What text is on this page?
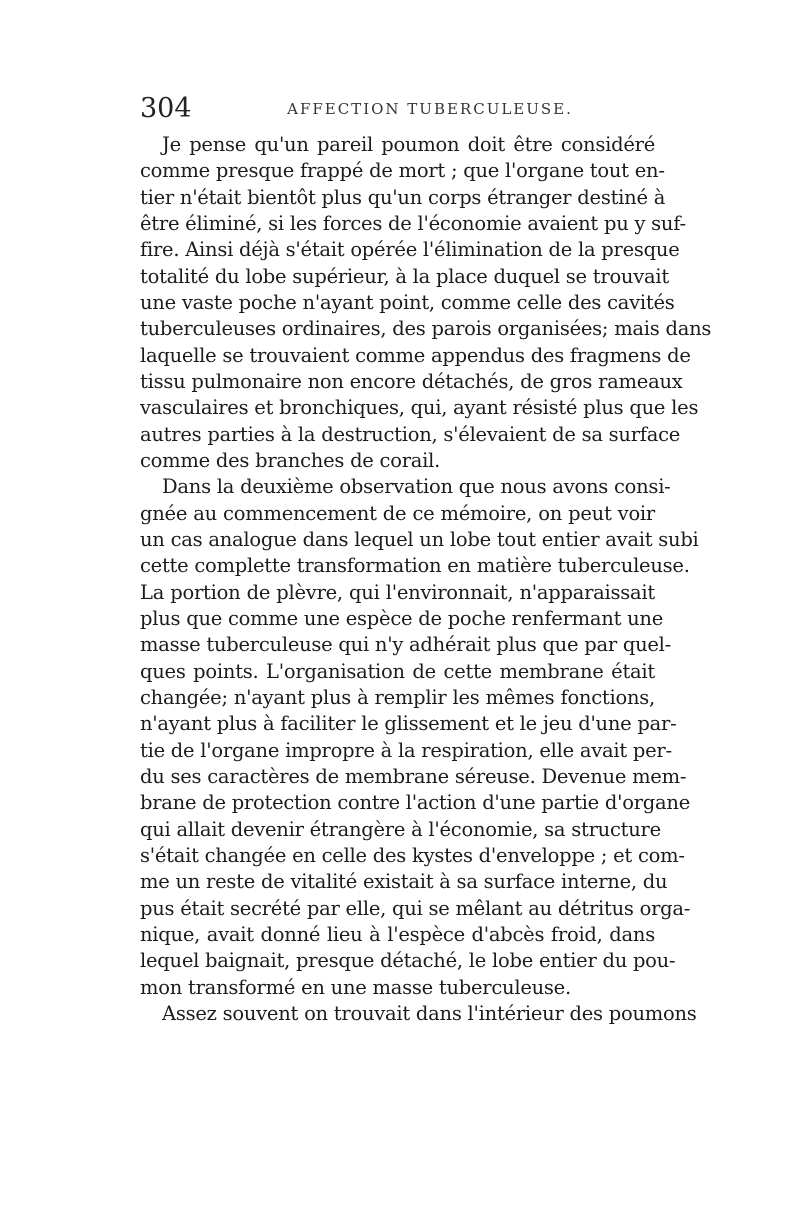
304	AFFECTION TUBERCULEUSE.
Je pense qu'un pareil poumon doit être considéré
comme presque frappé de mort ; que l'organe tout en-
tier n'était bientôt plus qu'un corps étranger destiné à
être éliminé, si les forces de l'économie avaient pu y suf-
fire. Ainsi déjà s'était opérée l'élimination de la presque
totalité du lobe supérieur, à la place duquel se trouvait
une vaste poche n'ayant point, comme celle des cavités
tuberculeuses ordinaires, des parois organisées; mais dans
laquelle se trouvaient comme appendus des fragmens de
tissu pulmonaire non encore détachés, de gros rameaux
vasculaires et bronchiques, qui, ayant résisté plus que les
autres parties à la destruction, s'élevaient de sa surface
comme des branches de corail.
Dans la deuxième observation que nous avons consi-
gnée au commencement de ce mémoire, on peut voir
un cas analogue dans lequel un lobe tout entier avait subi
cette complette transformation en matière tuberculeuse.
La portion de plèvre, qui l'environnait, n'apparaissait
plus que comme une espèce de poche renfermant une
masse tuberculeuse qui n'y adhérait plus que par quel-
ques points. L'organisation de cette membrane était
changée; n'ayant plus à remplir les mêmes fonctions,
n'ayant plus à faciliter le glissement et le jeu d'une par-
tie de l'organe impropre à la respiration, elle avait per-
du ses caractères de membrane séreuse. Devenue mem-
brane de protection contre l'action d'une partie d'organe
qui allait devenir étrangère à l'économie, sa structure
s'était changée en celle des kystes d'enveloppe ; et com-
me un reste de vitalité existait à sa surface interne, du
pus était secrété par elle, qui se mêlant au détritus orga-
nique, avait donné lieu à l'espèce d'abcès froid, dans
lequel baignait, presque détaché, le lobe entier du pou-
mon transformé en une masse tuberculeuse.
Assez souvent on trouvait dans l'intérieur des poumons
